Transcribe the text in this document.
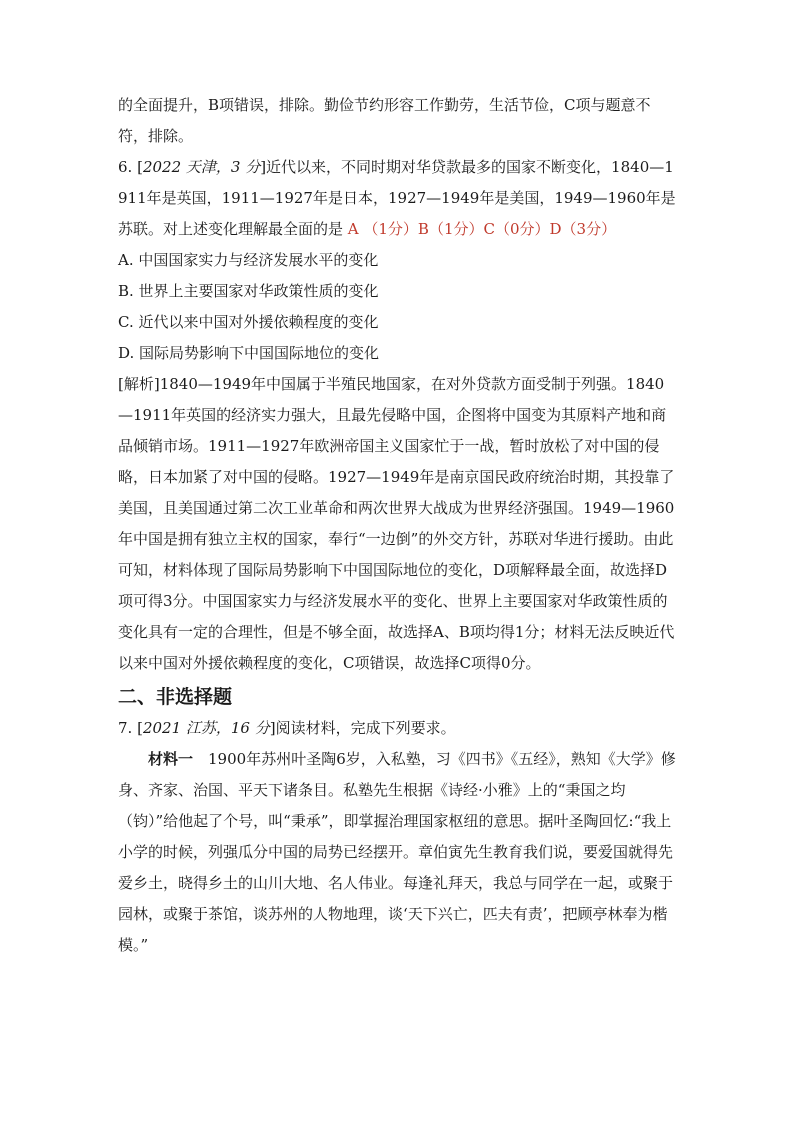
的全面提升，B项错误，排除。勤俭节约形容工作勤劳，生活节俭，C项与题意不符，排除。

6. [2022 天津，3 分]近代以来，不同时期对华贷款最多的国家不断变化，1840—1911年是英国，1911—1927年是日本，1927—1949年是美国，1949—1960年是苏联。对上述变化理解最全面的是 A （1分）B（1分）C（0分）D（3分）

A. 中国国家实力与经济发展水平的变化

B. 世界上主要国家对华政策性质的变化

C. 近代以来中国对外援依赖程度的变化

D. 国际局势影响下中国国际地位的变化

[解析]1840—1949年中国属于半殖民地国家，在对外贷款方面受制于列强。1840—1911年英国的经济实力强大，且最先侵略中国，企图将中国变为其原料产地和商品倾销市场。1911—1927年欧洲帝国主义国家忙于一战，暂时放松了对中国的侵略，日本加紧了对中国的侵略。1927—1949年是南京国民政府统治时期，其投靠了美国，且美国通过第二次工业革命和两次世界大战成为世界经济强国。1949—1960年中国是拥有独立主权的国家，奉行“一边倒”的外交方针，苏联对华进行援助。由此可知，材料体现了国际局势影响下中国国际地位的变化，D项解释最全面，故选择D项可得3分。中国国家实力与经济发展水平的变化、世界上主要国家对华政策性质的变化具有一定的合理性，但是不够全面，故选择A、B项均得1分；材料无法反映近代以来中国对外援依赖程度的变化，C项错误，故选择C项得0分。

二、非选择题

7. [2021 江苏，16 分]阅读材料，完成下列要求。

材料一　1900年苏州叶圣陶6岁，入私塾，习《四书》《五经》，熟知《大学》修身、齐家、治国、平天下诸条目。私塾先生根据《诗经·小雅》上的“秉国之均（钧）”给他起了个号，叫“秉承”，即掌握治理国家枢纽的意思。据叶圣陶回忆:“我上小学的时候，列强瓜分中国的局势已经摆开。章伯寅先生教育我们说，要爱国就得先爱乡土，晓得乡土的山川大地、名人伟业。每逢礼拜天，我总与同学在一起，或聚于园林，或聚于茶馆，谈苏州的人物地理，谈‘天下兴亡，匹夫有责’，把顾亭林奉为楷模。”
